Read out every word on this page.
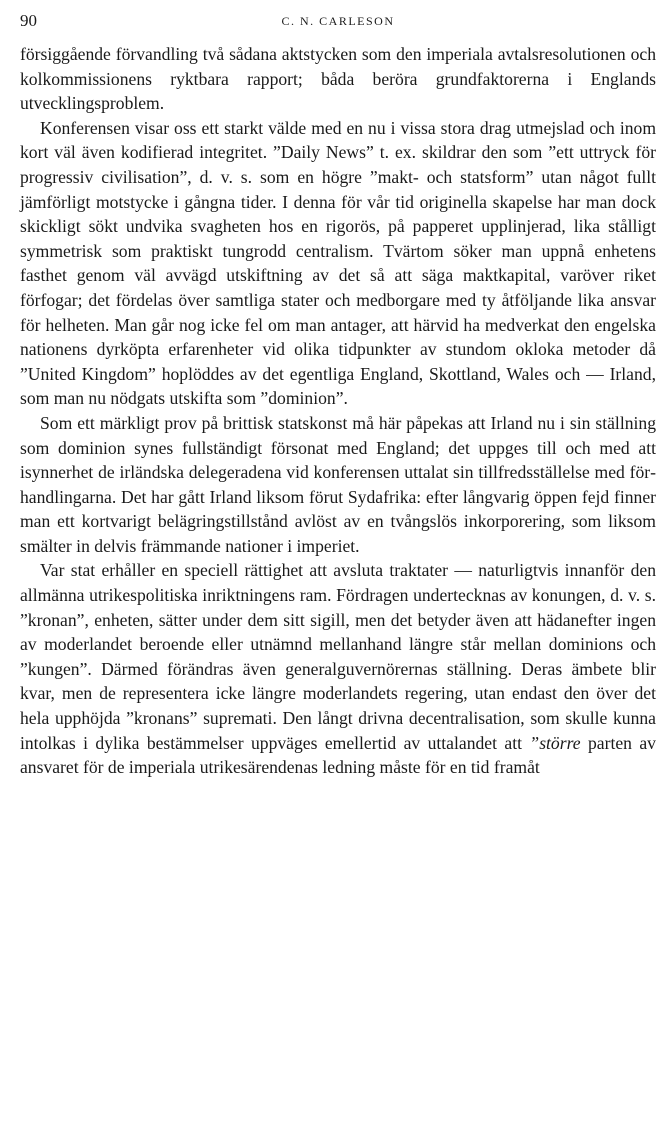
90	C. N. CARLESON

försiggående förvandling två sådana aktstycken som den imperiala avtalsresolutionen och kolkommissionens ryktbara rapport; båda beröra grundfaktorerna i Englands utvecklingsproblem.

Konferensen visar oss ett starkt välde med en nu i vissa stora drag utmejslad och inom kort väl även kodifierad integritet. ”Daily News” t. ex. skildrar den som ”ett uttryck för progressiv civilisation”, d. v. s. som en högre ”makt- och statsform” utan något fullt jämförligt motstycke i gångna tider. I denna för vår tid originella skapelse har man dock skickligt sökt undvika svagheten hos en rigorös, på papperet upplinjerad, lika stålligt symmetrisk som praktiskt tungrodd centralism. Tvärtom söker man uppnå enhetens fasthet genom väl avvägd utskiftning av det så att säga maktkapital, varöver riket förfogar; det fördelas över samtliga stater och medborgare med ty åtföljande lika ansvar för helheten. Man går nog icke fel om man antager, att härvid ha medverkat den engelska nationens dyrköpta erfarenheter vid olika tidpunkter av stundom okloka metoder då ”United Kingdom” hoplöddes av det egentliga England, Skottland, Wales och — Irland, som man nu nödgats utskifta som ”dominion”.

Som ett märkligt prov på brittisk statskonst må här påpekas att Irland nu i sin ställning som dominion synes fullständigt försonat med England; det uppges till och med att isynnerhet de irländska delegeradena vid konferensen uttalat sin tillfredsställelse med förhandlingarna. Det har gått Irland liksom förut Sydafrika: efter långvarig öppen fejd finner man ett kortvarigt belägringstillstånd avlöst av en tvångslös inkorporering, som liksom smälter in delvis främmande nationer i imperiet.

Var stat erhåller en speciell rättighet att avsluta traktater — naturligtvis innanför den allmänna utrikespolitiska inriktningens ram. Fördragen undertecknas av konungen, d. v. s. ”kronan”, enheten, sätter under dem sitt sigill, men det betyder även att hädanefter ingen av moderlandet beroende eller utnämnd mellanhand längre står mellan dominions och ”kungen”. Därmed förändras även generalguvernörernas ställning. Deras ämbete blir kvar, men de representera icke längre moderlandets regering, utan endast den över det hela upphöjda ”kronans” supremati. Den långt drivna decentralisation, som skulle kunna intolkas i dylika bestämmelser uppväges emellertid av uttalandet att ”större parten av ansvaret för de imperiala utrikesärendenas ledning måste för en tid framåt
